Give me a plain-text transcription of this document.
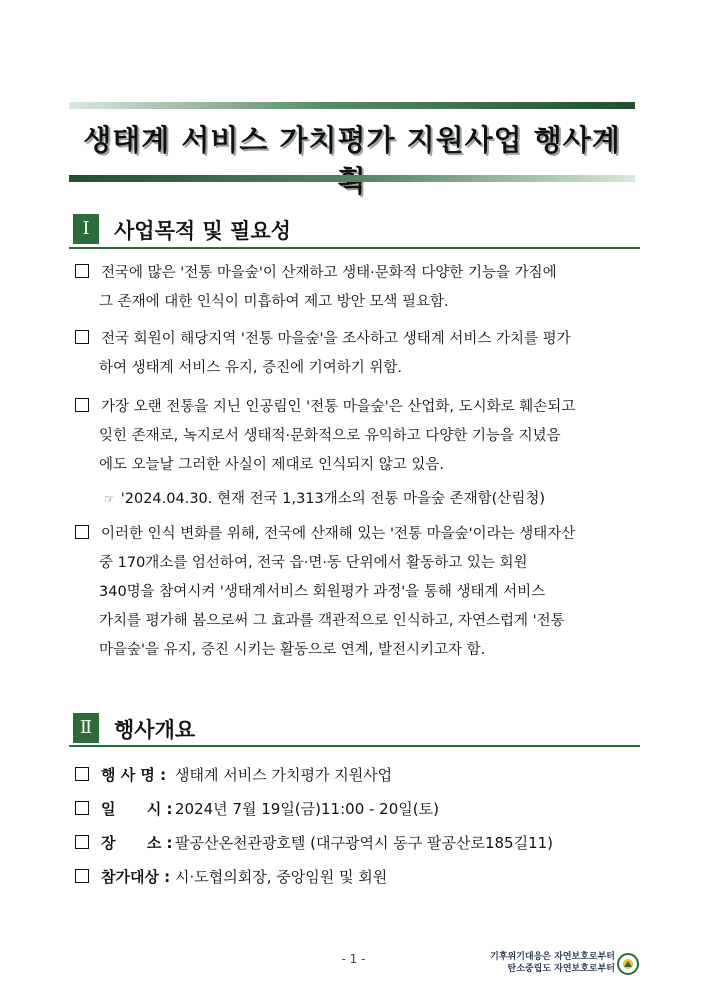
생태계 서비스 가치평가 지원사업 행사계
Ⅰ	사업목적 및 필요성
전국에 많은 '전통 마을숲'이 산재하고 생태·문화적 다양한 기능을 가짐에
그 존재에 대한 인식이 미흡하여 제고 방안 모색 필요함.
전국 회원이 해당지역 '전통 마을숲'을 조사하고 생태계 서비스 가치를 평가
하여 생태계 서비스 유지, 증진에 기여하기 위함.
가장 오랜 전통을 지닌 인공림인 '전통 마을숲'은 산업화, 도시화로 훼손되고
잊힌 존재로, 녹지로서 생태적·문화적으로 유익하고 다양한 기능을 지녔음
에도 오늘날 그러한 사실이 제대로 인식되지 않고 있음.
☞ '2024.04.30. 현재 전국 1,313개소의 전통 마을숲 존재함(산림청)
이러한 인식 변화를 위해, 전국에 산재해 있는 '전통 마을숲'이라는 생태자산
중 170개소를 엄선하여, 전국 읍·면·동 단위에서 활동하고 있는 회원
340명을 참여시켜 '생태계서비스 회원평가 과정'을 통해 생태계 서비스
가치를 평가해 봄으로써 그 효과를 객관적으로 인식하고, 자연스럽게 '전통
마을숲'을 유지, 증진 시키는 활동으로 연계, 발전시키고자 함.
Ⅱ	행사개요
행 사 명 : 생태계 서비스 가치평가 지원사업
일      시 : 2024년 7월 19일(금)11:00 - 20일(토)
장      소 : 팔공산온천관광호텔 (대구광역시 동구 팔공산로185길11)
참가대상 : 시·도협의회장, 중앙임원 및 회원
- 1 -	기후위기대응은 자연보호로부터
탄소중립도 자연보호로부터
